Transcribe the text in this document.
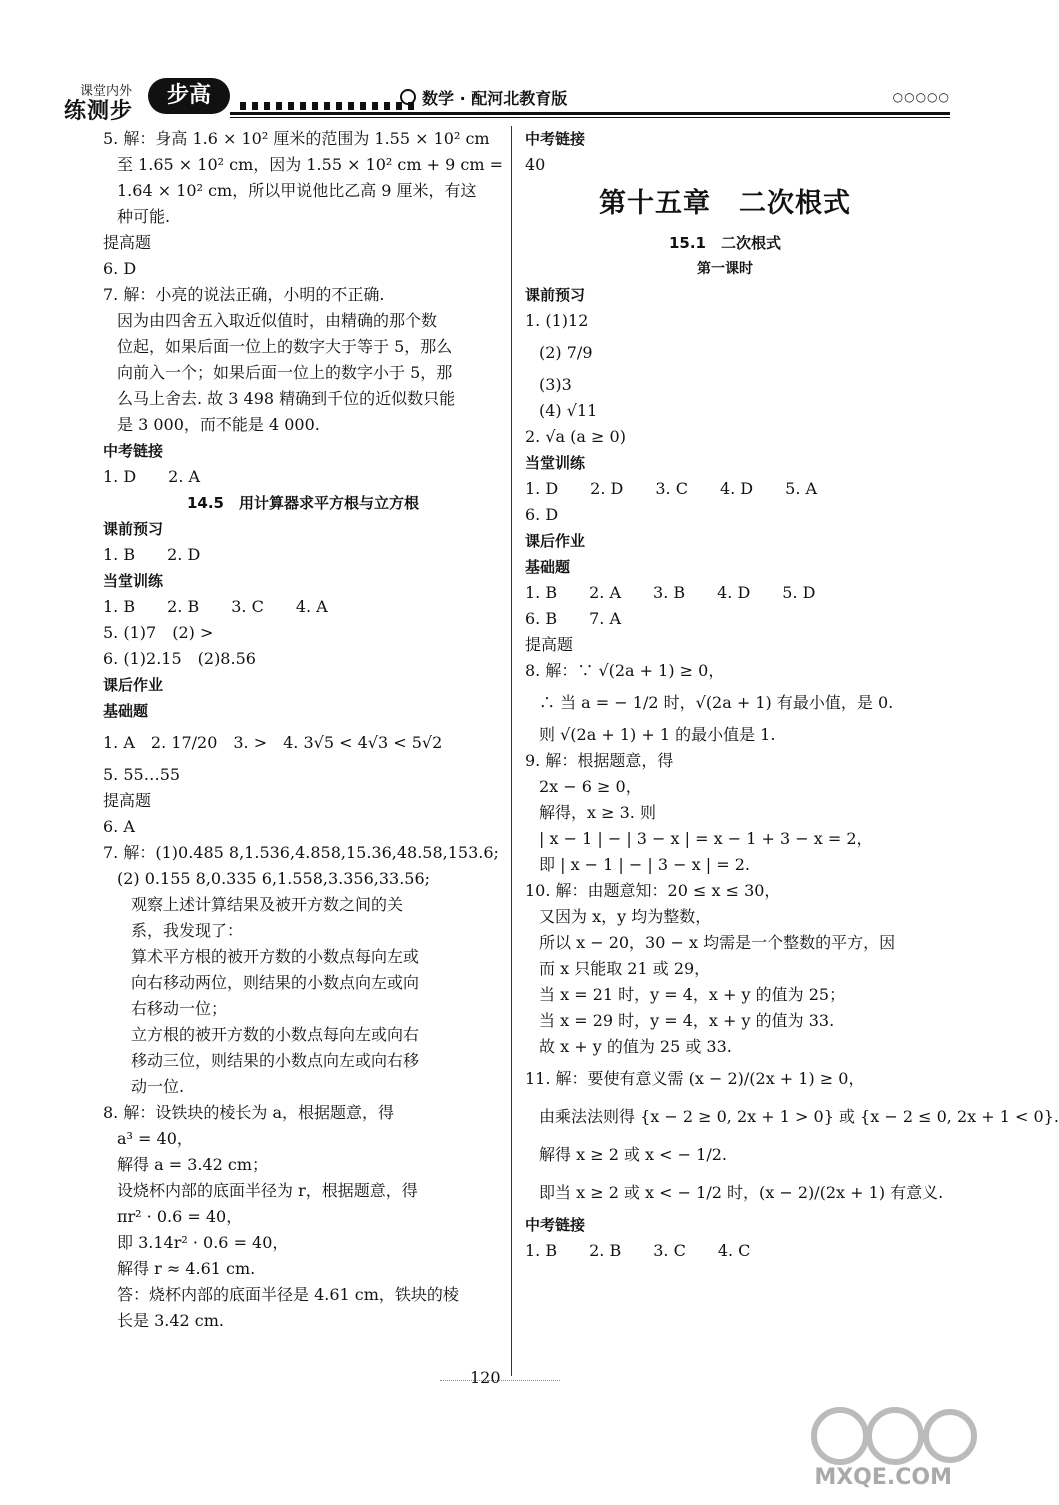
课堂内外
练测步
步高	数学 · 配河北教育版	○○○○○
5. 解：身高 1.6 × 10² 厘米的范围为 1.55 × 10² cm
至 1.65 × 10² cm，因为 1.55 × 10² cm + 9 cm =
1.64 × 10² cm，所以甲说他比乙高 9 厘米，有这
种可能.
提高题
6. D
7. 解：小亮的说法正确，小明的不正确.
因为由四舍五入取近似值时，由精确的那个数
位起，如果后面一位上的数字大于等于 5，那么
向前入一个；如果后面一位上的数字小于 5，那
么马上舍去. 故 3 498 精确到千位的近似数只能
是 3 000，而不能是 4 000.
中考链接
1. D　　2. A
14.5　用计算器求平方根与立方根
课前预习
1. B　　2. D
当堂训练
1. B　　2. B　　3. C　　4. A
5. (1)7　(2) >
6. (1)2.15　(2)8.56
课后作业
基础题
1. A　2. 17/20　3. >　4. 3√5 < 4√3 < 5√2
5. 55…55
提高题
6. A
7. 解：(1)0.485 8,1.536,4.858,15.36,48.58,153.6;
(2) 0.155 8,0.335 6,1.558,3.356,33.56;
观察上述计算结果及被开方数之间的关
系，我发现了：
算术平方根的被开方数的小数点每向左或
向右移动两位，则结果的小数点向左或向
右移动一位；
立方根的被开方数的小数点每向左或向右
移动三位，则结果的小数点向左或向右移
动一位.
8. 解：设铁块的棱长为 a，根据题意，得
a³ = 40，
解得 a = 3.42 cm；
设烧杯内部的底面半径为 r，根据题意，得
πr² · 0.6 = 40，
即 3.14r² · 0.6 = 40，
解得 r ≈ 4.61 cm.
答：烧杯内部的底面半径是 4.61 cm，铁块的棱
长是 3.42 cm.
中考链接
40
第十五章　二次根式
15.1　二次根式
第一课时
课前预习
1. (1)12
(2) 7/9
(3)3
(4) √11
2. √a (a ≥ 0)
当堂训练
1. D　　2. D　　3. C　　4. D　　5. A
6. D
课后作业
基础题
1. B　　2. A　　3. B　　4. D　　5. D
6. B　　7. A
提高题
8. 解：∵ √(2a + 1) ≥ 0，
∴ 当 a = − 1/2 时，√(2a + 1) 有最小值，是 0.
则 √(2a + 1) + 1 的最小值是 1.
9. 解：根据题意，得
2x − 6 ≥ 0，
解得，x ≥ 3. 则
| x − 1 | − | 3 − x | = x − 1 + 3 − x = 2，
即 | x − 1 | − | 3 − x | = 2.
10. 解：由题意知：20 ≤ x ≤ 30，
又因为 x，y 均为整数，
所以 x − 20，30 − x 均需是一个整数的平方，因
而 x 只能取 21 或 29，
当 x = 21 时，y = 4，x + y 的值为 25；
当 x = 29 时，y = 4，x + y 的值为 33.
故 x + y 的值为 25 或 33.
11. 解：要使有意义需 (x − 2)/(2x + 1) ≥ 0，
由乘法法则得 {x − 2 ≥ 0, 2x + 1 > 0} 或 {x − 2 ≤ 0, 2x + 1 < 0}.
解得 x ≥ 2 或 x < − 1/2.
即当 x ≥ 2 或 x < − 1/2 时，(x − 2)/(2x + 1) 有意义.
中考链接
1. B　　2. B　　3. C　　4. C
120
MXQE.COM
